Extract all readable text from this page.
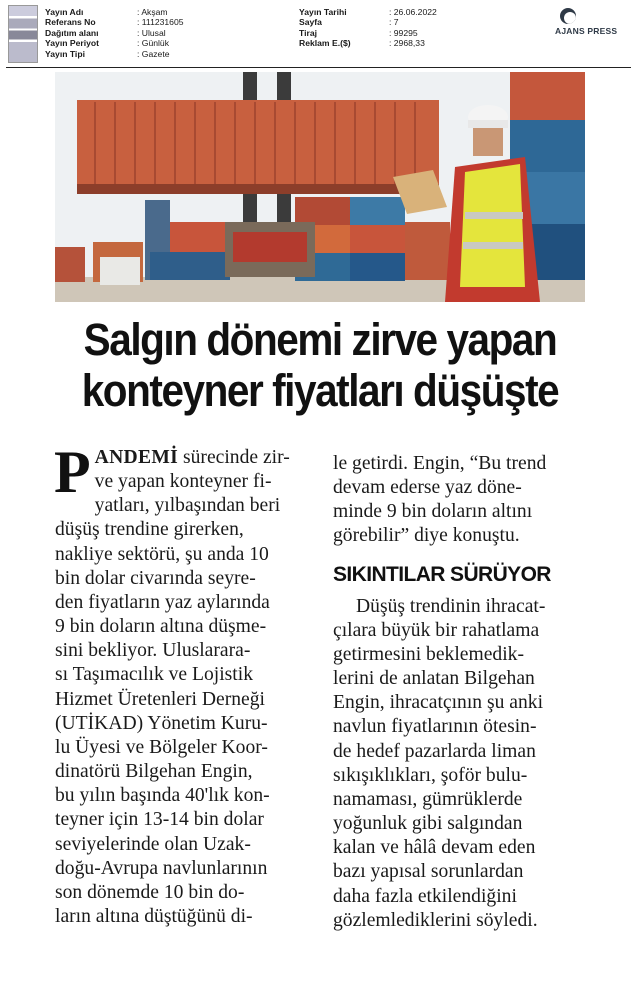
Yayın Adı	: Akşam
Referans No	: 111231605
Dağıtım alanı	: Ulusal
Yayın Periyot	: Günlük
Yayın Tipi	: Gazete
Yayın Tarihi	: 26.06.2022
Sayfa	: 7
Tiraj	: 99295
Reklam E.($)	: 2968,33
AJANS PRESS
Salgın dönemi zirve yapan
konteyner fiyatları düşüşte
P ANDEMİ sürecinde zir-
ve yapan konteyner fi-
yatları, yılbaşından beri
düşüş trendine girerken,
nakliye sektörü, şu anda 10
bin dolar civarında seyre-
den fiyatların yaz aylarında
9 bin doların altına düşme-
sini bekliyor. Uluslarara-
sı Taşımacılık ve Lojistik
Hizmet Üretenleri Derneği
(UTİKAD) Yönetim Kuru-
lu Üyesi ve Bölgeler Koor-
dinatörü Bilgehan Engin,
bu yılın başında 40'lık kon-
teyner için 13-14 bin dolar
seviyelerinde olan Uzak-
doğu-Avrupa navlunlarının
son dönemde 10 bin do-
ların altına düştüğünü di-
le getirdi. Engin, “Bu trend
devam ederse yaz döne-
minde 9 bin doların altını
görebilir” diye konuştu.
SIKINTILAR SÜRÜYOR
Düşüş trendinin ihracat-
çılara büyük bir rahatlama
getirmesini beklemedik-
lerini de anlatan Bilgehan
Engin, ihracatçının şu anki
navlun fiyatlarının ötesin-
de hedef pazarlarda liman
sıkışıklıkları, şoför bulu-
namaması, gümrüklerde
yoğunluk gibi salgından
kalan ve hâlâ devam eden
bazı yapısal sorunlardan
daha fazla etkilendiğini
gözlemlediklerini söyledi.
